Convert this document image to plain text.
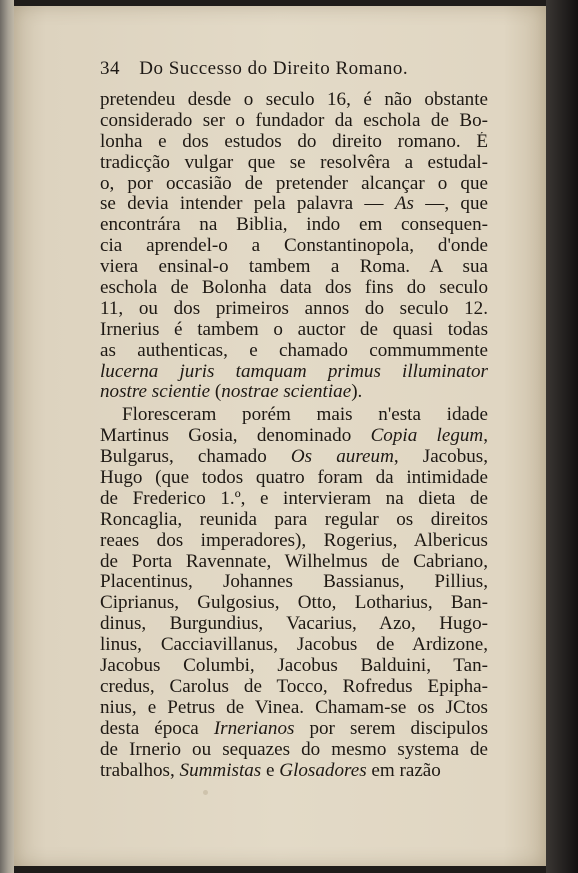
34 Do Successo do Direito Romano.
pretendeu desde o seculo 16, é não obstante
considerado ser o fundador da eschola de Bo-
lonha e dos estudos do direito romano. É
tradicção vulgar que se resolvêra a estudal-
o, por occasião de pretender alcançar o que
se devia intender pela palavra — As —, que
encontrára na Biblia, indo em consequen-
cia aprendel-o a Constantinopola, d'onde
viera ensinal-o tambem a Roma. A sua
eschola de Bolonha data dos fins do seculo
11, ou dos primeiros annos do seculo 12.
Irnerius é tambem o auctor de quasi todas
as authenticas, e chamado commummente
lucerna juris tamquam primus illuminator
nostre scientie (nostrae scientiae).
Floresceram porém mais n'esta idade
Martinus Gosia, denominado Copia legum,
Bulgarus, chamado Os aureum, Jacobus,
Hugo (que todos quatro foram da intimidade
de Frederico 1.º, e intervieram na dieta de
Roncaglia, reunida para regular os direitos
reaes dos imperadores), Rogerius, Albericus
de Porta Ravennate, Wilhelmus de Cabriano,
Placentinus, Johannes Bassianus, Pillius,
Ciprianus, Gulgosius, Otto, Lotharius, Ban-
dinus, Burgundius, Vacarius, Azo, Hugo-
linus, Cacciavillanus, Jacobus de Ardizone,
Jacobus Columbi, Jacobus Balduini, Tan-
credus, Carolus de Tocco, Rofredus Epipha-
nius, e Petrus de Vinea. Chamam-se os JCtos
desta época Irnerianos por serem discipulos
de Irnerio ou sequazes do mesmo systema de
trabalhos, Summistas e Glosadores em razão
